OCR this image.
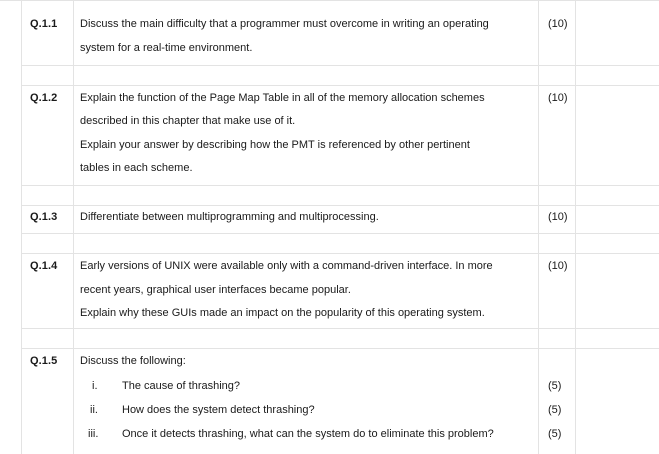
Q.1.1 Discuss the main difficulty that a programmer must overcome in writing an operating
system for a real-time environment.
(10)
Q.1.2 Explain the function of the Page Map Table in all of the memory allocation schemes
described in this chapter that make use of it.
Explain your answer by describing how the PMT is referenced by other pertinent
tables in each scheme.
(10)
Q.1.3 Differentiate between multiprogramming and multiprocessing.	(10)
Q.1.4 Early versions of UNIX were available only with a command-driven interface. In more
recent years, graphical user interfaces became popular.
Explain why these GUIs made an impact on the popularity of this operating system.
(10)
Q.1.5 Discuss the following:
i. The cause of thrashing?	(5)
ii. How does the system detect thrashing?	(5)
iii. Once it detects thrashing, what can the system do to eliminate this problem?	(5)
